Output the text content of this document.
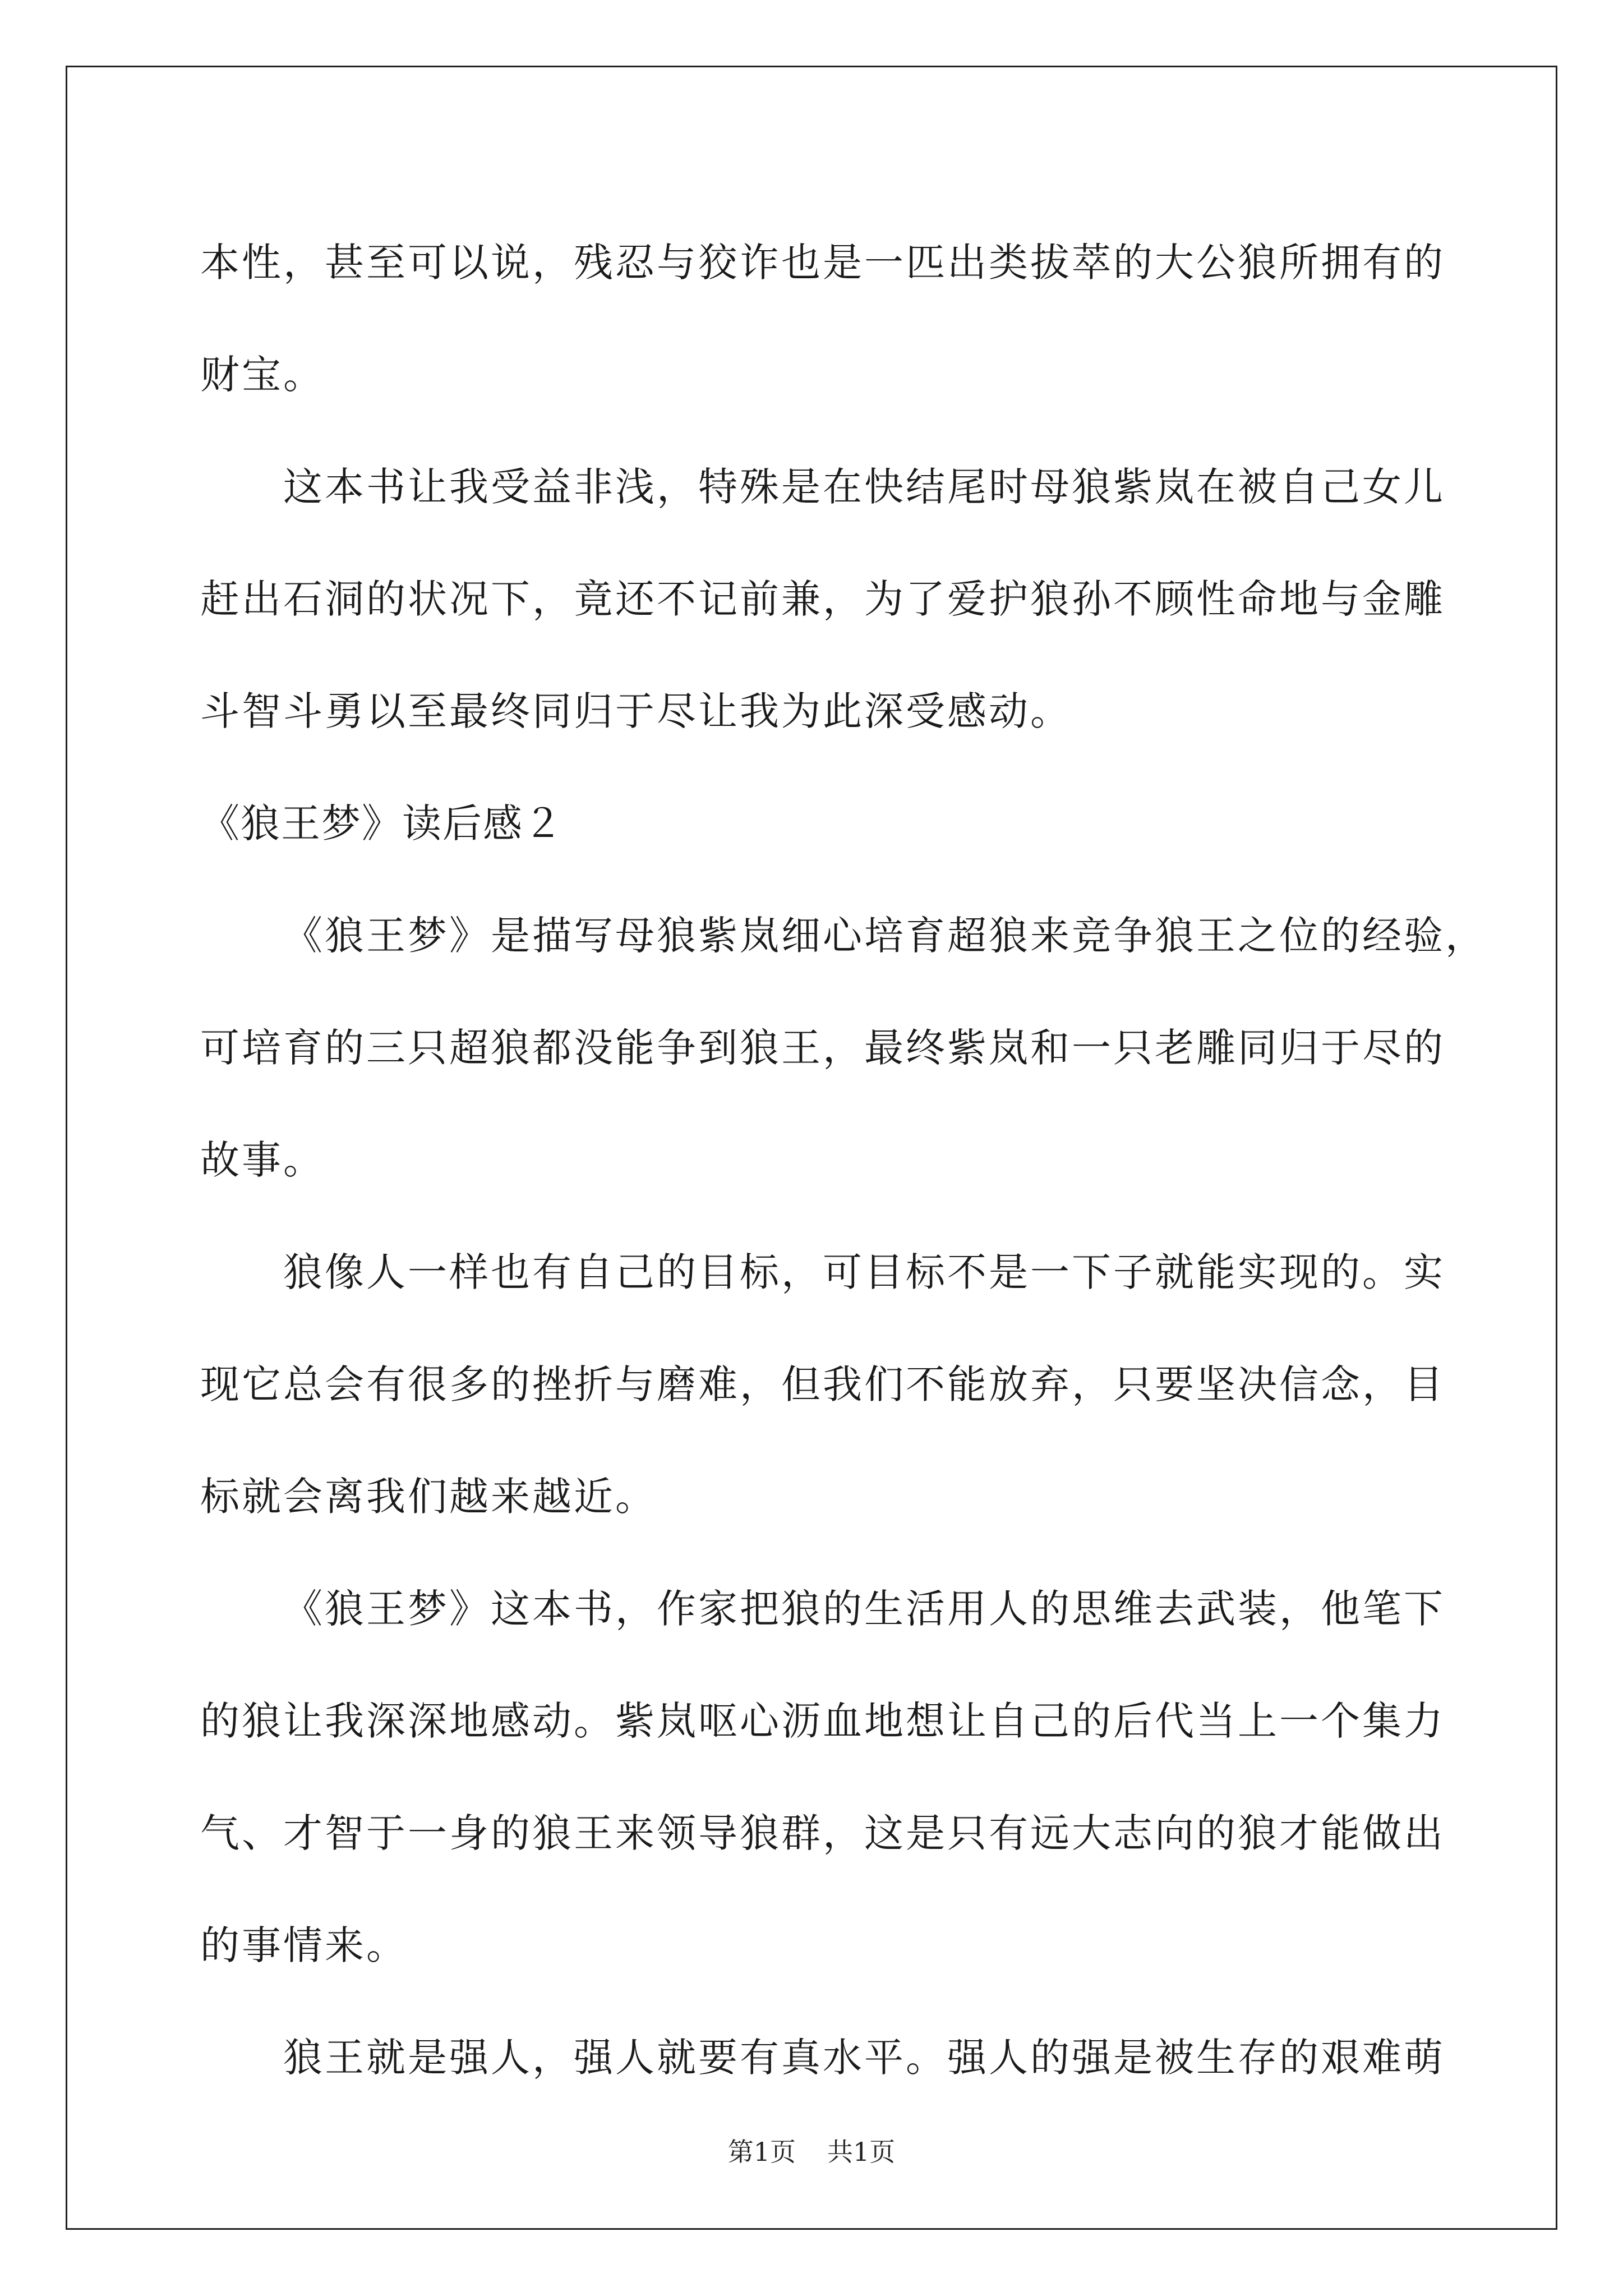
本性，甚至可以说，残忍与狡诈也是一匹出类拔萃的大公狼所拥有的
财宝。
这本书让我受益非浅，特殊是在快结尾时母狼紫岚在被自己女儿
赶出石洞的状况下，竟还不记前兼，为了爱护狼孙不顾性命地与金雕
斗智斗勇以至最终同归于尽让我为此深受感动。
《狼王梦》读后感２
《狼王梦》是描写母狼紫岚细心培育超狼来竞争狼王之位的经验，
可培育的三只超狼都没能争到狼王，最终紫岚和一只老雕同归于尽的
故事。
狼像人一样也有自己的目标，可目标不是一下子就能实现的。实
现它总会有很多的挫折与磨难，但我们不能放弃，只要坚决信念，目
标就会离我们越来越近。
《狼王梦》这本书，作家把狼的生活用人的思维去武装，他笔下
的狼让我深深地感动。紫岚呕心沥血地想让自己的后代当上一个集力
气、才智于一身的狼王来领导狼群，这是只有远大志向的狼才能做出
的事情来。
狼王就是强人，强人就要有真水平。强人的强是被生存的艰难萌
第1页 共1页
